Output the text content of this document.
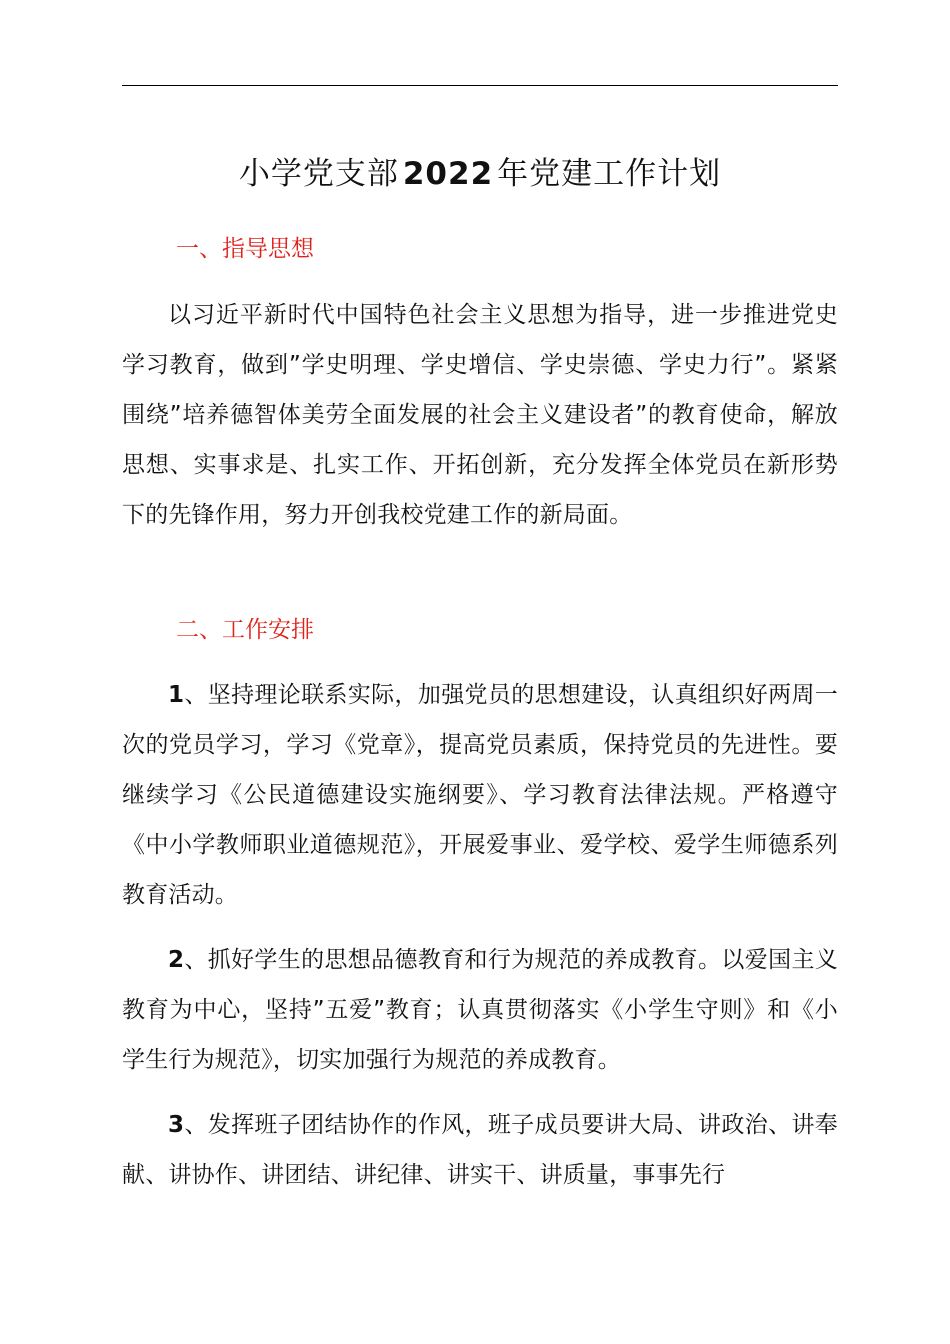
小学党支部 2022 年党建工作计划
一、指导思想

以习近平新时代中国特色社会主义思想为指导，进一步推进党史学习教育，做到”学史明理、学史增信、学史崇德、学史力行”。紧紧围绕”培养德智体美劳全面发展的社会主义建设者”的教育使命，解放思想、实事求是、扎实工作、开拓创新，充分发挥全体党员在新形势下的先锋作用，努力开创我校党建工作的新局面。

二、工作安排

1、坚持理论联系实际，加强党员的思想建设，认真组织好两周一次的党员学习，学习《党章》，提高党员素质，保持党员的先进性。要继续学习《公民道德建设实施纲要》、学习教育法律法规。严格遵守《中小学教师职业道德规范》，开展爱事业、爱学校、爱学生师德系列教育活动。

2、抓好学生的思想品德教育和行为规范的养成教育。以爱国主义教育为中心，坚持”五爱”教育；认真贯彻落实《小学生守则》和《小学生行为规范》，切实加强行为规范的养成教育。

3、发挥班子团结协作的作风，班子成员要讲大局、讲政治、讲奉献、讲协作、讲团结、讲纪律、讲实干、讲质量，事事先行
